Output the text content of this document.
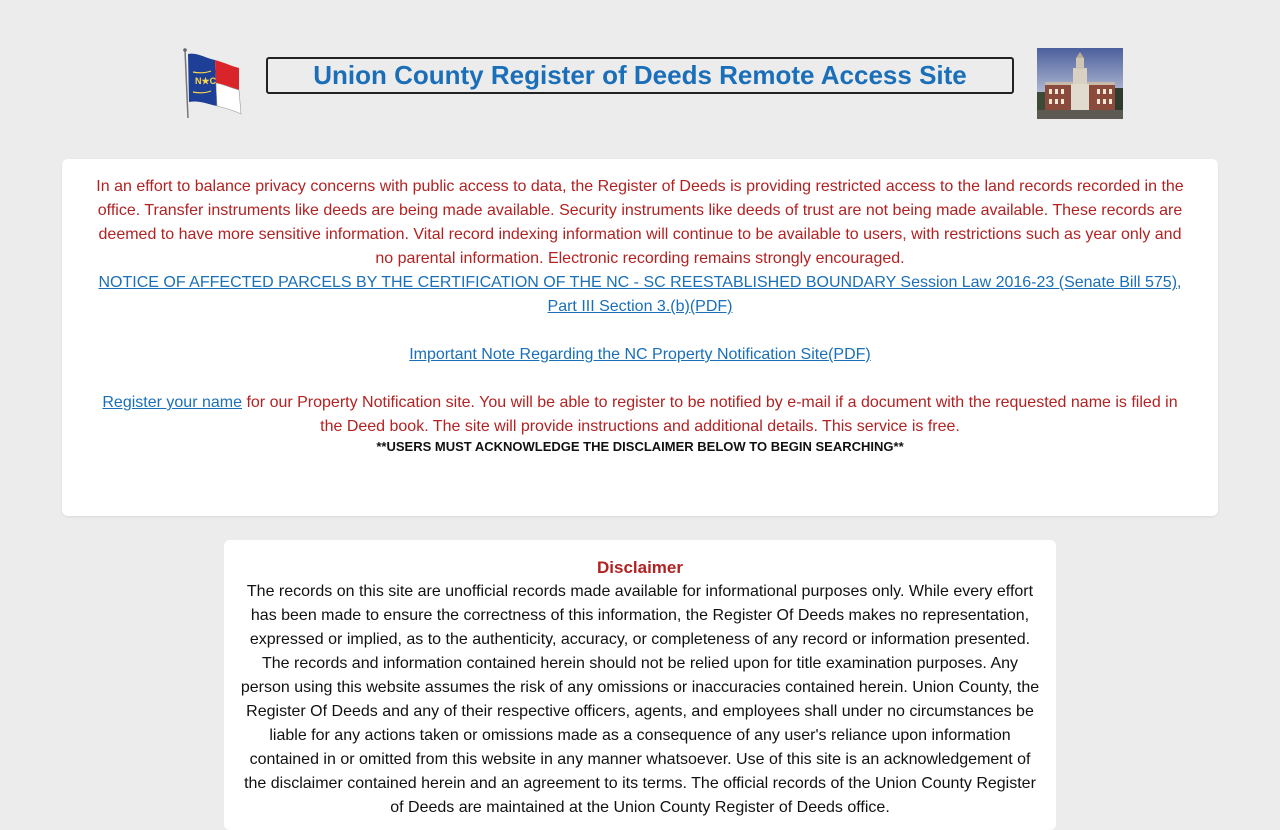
N★C	Union County Register of Deeds Remote Access Site

In an effort to balance privacy concerns with public access to data, the Register of Deeds is providing restricted access to the land records recorded in the office. Transfer instruments like deeds are being made available. Security instruments like deeds of trust are not being made available. These records are deemed to have more sensitive information. Vital record indexing information will continue to be available to users, with restrictions such as year only and no parental information. Electronic recording remains strongly encouraged.

NOTICE OF AFFECTED PARCELS BY THE CERTIFICATION OF THE NC - SC REESTABLISHED BOUNDARY Session Law 2016-23 (Senate Bill 575), Part III Section 3.(b)(PDF)

Important Note Regarding the NC Property Notification Site(PDF)

Register your name for our Property Notification site. You will be able to register to be notified by e-mail if a document with the requested name is filed in the Deed book. The site will provide instructions and additional details. This service is free.

**USERS MUST ACKNOWLEDGE THE DISCLAIMER BELOW TO BEGIN SEARCHING**

Disclaimer

The records on this site are unofficial records made available for informational purposes only. While every effort has been made to ensure the correctness of this information, the Register Of Deeds makes no representation, expressed or implied, as to the authenticity, accuracy, or completeness of any record or information presented. The records and information contained herein should not be relied upon for title examination purposes. Any person using this website assumes the risk of any omissions or inaccuracies contained herein. Union County, the Register Of Deeds and any of their respective officers, agents, and employees shall under no circumstances be liable for any actions taken or omissions made as a consequence of any user's reliance upon information contained in or omitted from this website in any manner whatsoever. Use of this site is an acknowledgement of the disclaimer contained herein and an agreement to its terms. The official records of the Union County Register of Deeds are maintained at the Union County Register of Deeds office.
